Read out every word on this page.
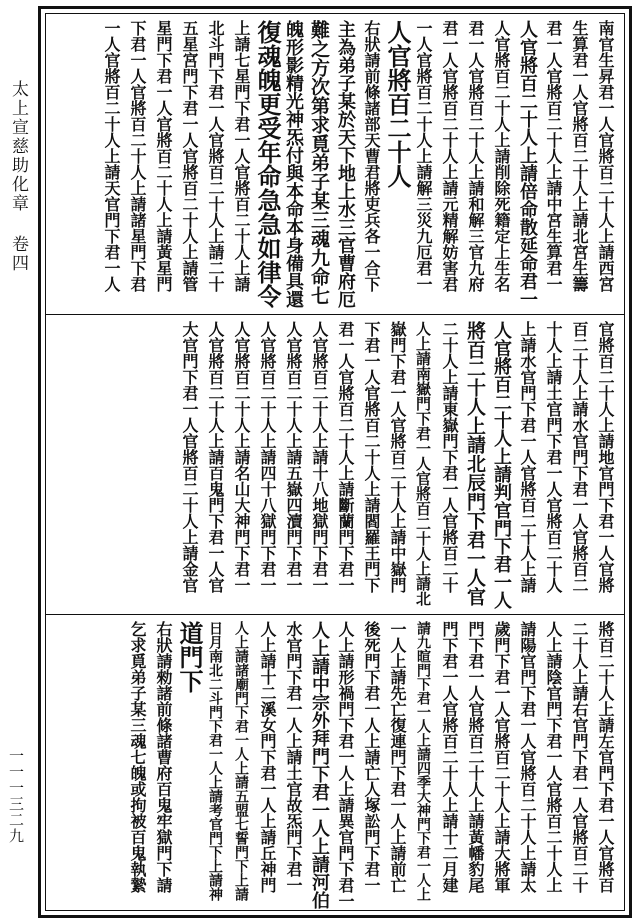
太上宣慈助化章 卷四
一一一三二九
南官生昇君一人官將百二十人上請西宮
生算君一人官將百二十人上請北宮生籌
君一人官將百二十人上請中宮生算君一
人官將百二十人上請倍命散延命君一
人官將百二十人上請削除死籍定上生名
君一人官將百二十人上請和解三官九府
君一人官將百二十人上請元精解妨害君
一人官將百二十人上請解三災九厄君一
人官將百二十人
右狀請前條諸部天曹君將吏兵各一合下
主為弟子某於天下地上水三官曹府厄
難之方次第求覓弟子某三魂九命七
魄形影精光神炁付與本命本身備具還
復魂魄更受年命急急如律令
上請七星門下君一人官將百二十人上請
北斗門下君一人官將百二十人上請二十
五星宮門下君一人官將百二十人上請管
星門下君一人官將百二十人上請黃星門
下君一人官將百二十人上請諸星門下君
一人官將百二十人上請天官門下君一人
官將百二十人上請地官門下君一人官將
百二十人上請水官門下君一人官將百二
十人上請土官門下君一人官將百二十人
上請水官門下君一人官將百二十人上請
人官將百二十人上請判官門下君一人
將百二十人上請北辰門下君一人官
二十人上請東嶽門下君一人官將百二十
人上請南嶽門下君一人官將百二十人上請北
嶽門下君一人官將百二十人上請中嶽門
下君一人官將百二十人上請閻羅王門下
君一人官將百二十人上請斷蘭門下君一
人官將百二十人上請十八地獄門下君一
人官將百二十人上請五嶽四瀆門下君一
人官將百二十人上請四十八獄門下君一
人官將百二十人上請名山大神門下君一
人官將百二十人上請百鬼門下君一人官
大官門下君一人官將百二十人上請金官
將百二十人上請左官門下君一人官將百
二十人上請右官門下君一人官將百二十
人上請陰官門下君一人官將百二十人上
請陽官門下君一人官將百二十人上請太
歲門下君一人官將百二十人上請大將軍
門下君一人官將百二十人上請黃幡豹尾
門下君一人官將百二十人上請十二月建
請九暄門下君一人上請四季大神門下君一人上
一人上請先亡復連門下君一人上請前亡
後死門下君一人上請亡人塚訟門下君一
人上請形禍門下君一人上請異官門下君一
人上請中宗外拜門下君一人上請河伯
水官門下君一人上請土官故炁門下君一
人上請十二溪女門下君一人上請丘神門
人上請諸廟門下君一人上請五盟七誓門下上請
日月南北二斗門下君一人上請考官門下上請神
道門下
右狀請勑諸前條諸曹府百鬼牢獄門下請
乞求覓弟子某三魂七魄或拘被百鬼執縶
